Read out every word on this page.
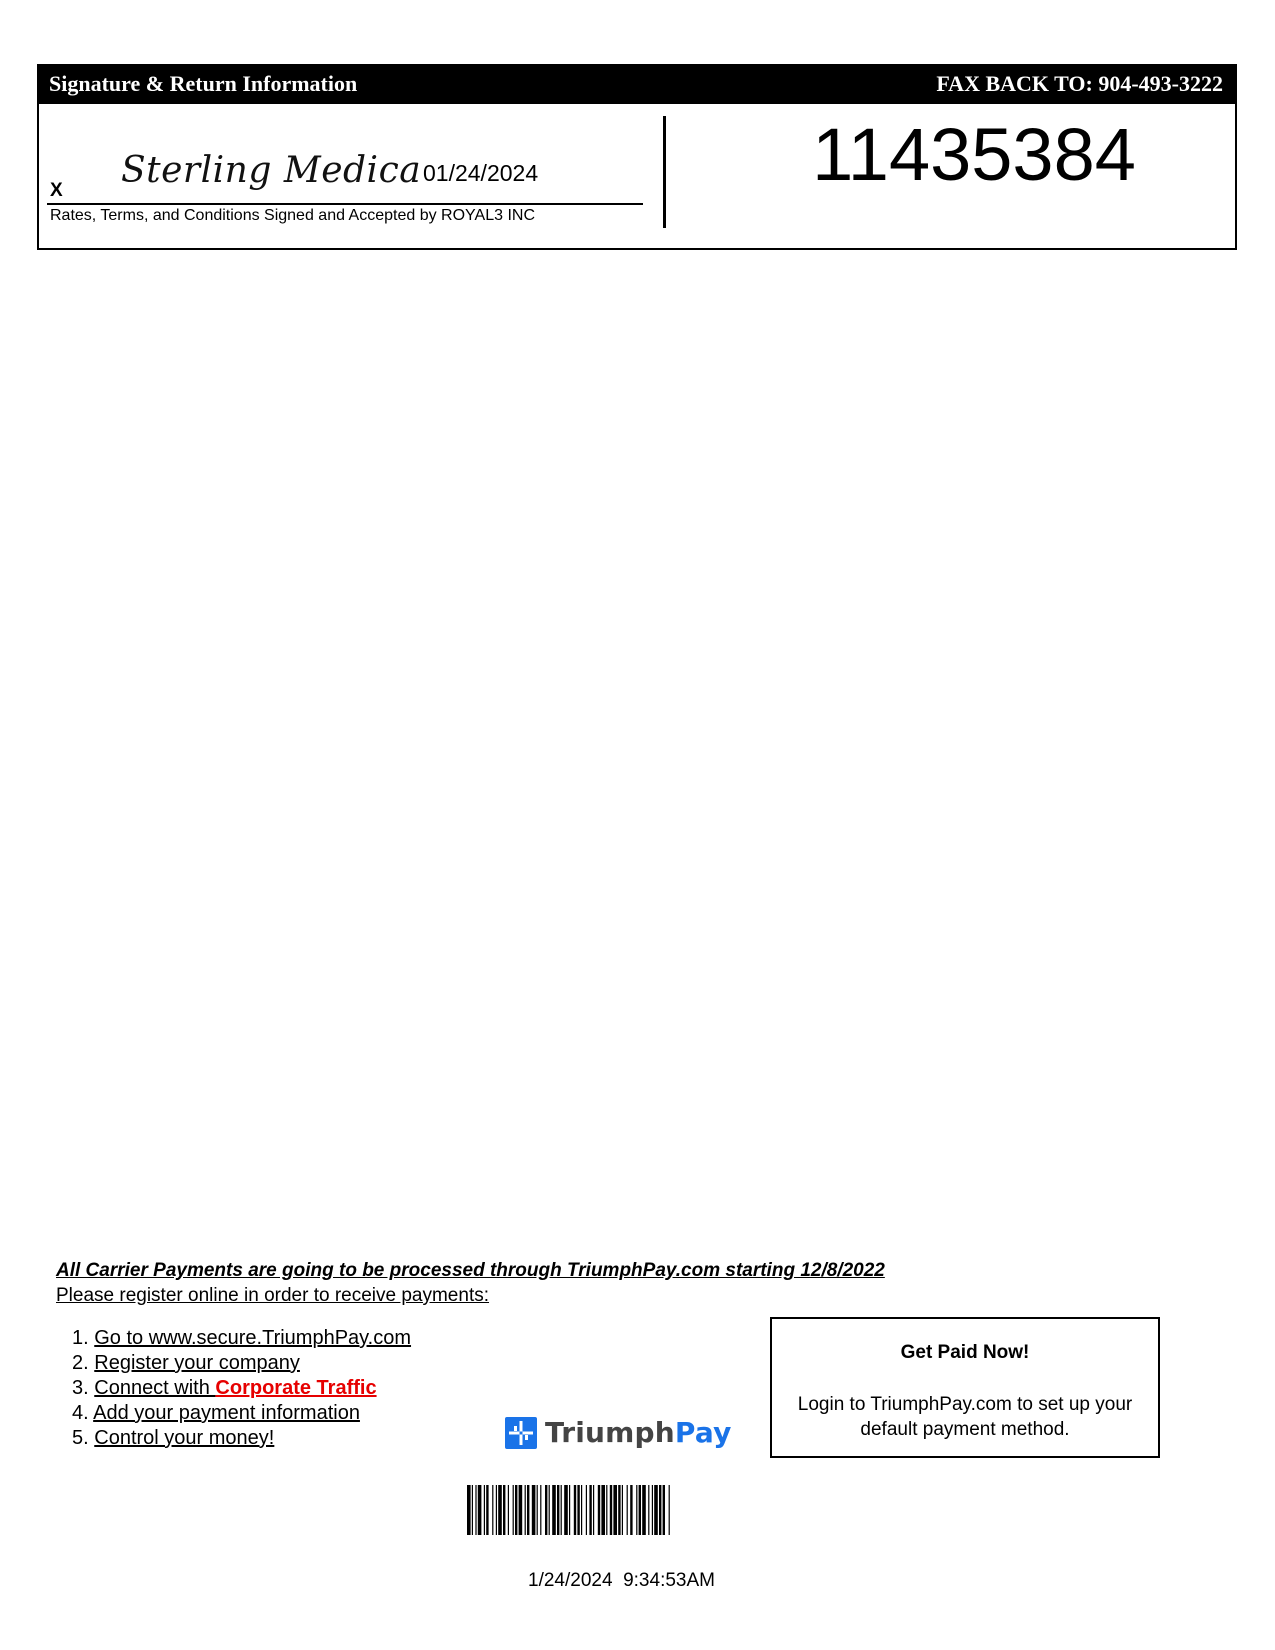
Signature & Return Information	FAX BACK TO: 904-493-3222
X Sterling Medica 01/24/2024
Rates, Terms, and Conditions Signed and Accepted by ROYAL3 INC
11435384
All Carrier Payments are going to be processed through TriumphPay.com starting 12/8/2022
Please register online in order to receive payments:
1. Go to www.secure.TriumphPay.com
2. Register your company
3. Connect with Corporate Traffic
4. Add your payment information
5. Control your money!	TriumphPay
Get Paid Now!
Login to TriumphPay.com to set up your default payment method.
1/24/2024  9:34:53AM
